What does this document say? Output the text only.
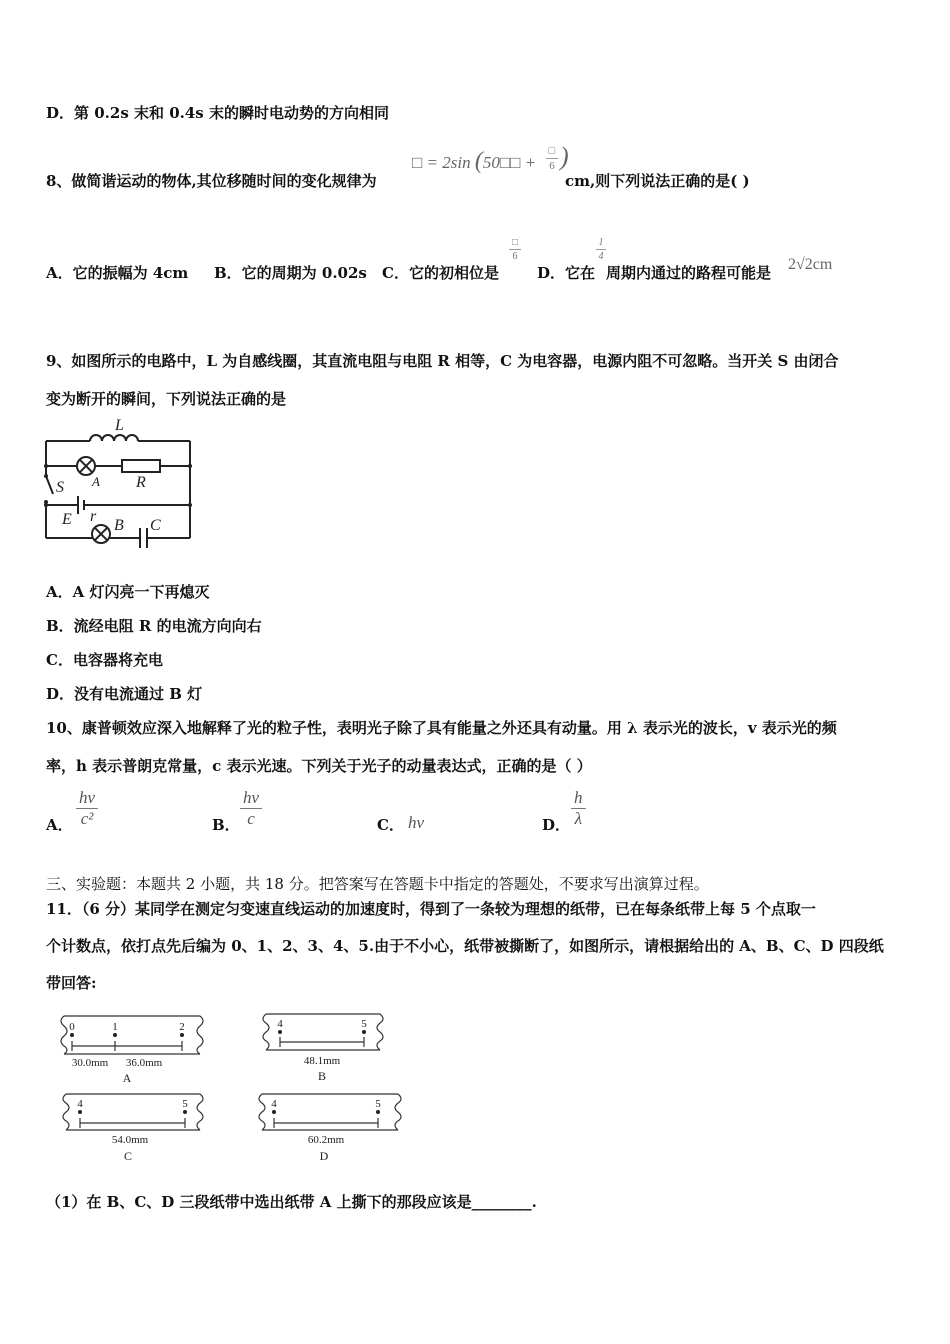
D．第 0.2s 末和 0.4s 末的瞬时电动势的方向相同
8、做简谐运动的物体,其位移随时间的变化规律为
□ = 2sin (50□□ +
□
6 )
cm,则下列说法正确的是( )
A．它的振幅为 4cm B．它的周期为 0.02s C．它的初相位是
□
6
D．它在
1
4
周期内通过的路程可能是 2√2cm
9、如图所示的电路中，L 为自感线圈，其直流电阻与电阻 R 相等，C 为电容器，电源内阻不可忽略。当开关 S 由闭合
变为断开的瞬间，下列说法正确的是
L
A R
S
E r
B C
A．A 灯闪亮一下再熄灭
B．流经电阻 R 的电流方向向右
C．电容器将充电
D．没有电流通过 B 灯
10、康普顿效应深入地解释了光的粒子性，表明光子除了具有能量之外还具有动量。用 λ 表示光的波长，v 表示光的频
率，h 表示普朗克常量，c 表示光速。下列关于光子的动量表达式，正确的是（ ）
A．
hv
c²	B．
hv
c	C． hv	D．
h
λ
三、实验题：本题共 2 小题，共 18 分。把答案写在答题卡中指定的答题处，不要求写出演算过程。
11．（6 分）某同学在测定匀变速直线运动的加速度时，得到了一条较为理想的纸带，已在每条纸带上每 5 个点取一
个计数点，依打点先后编为 0、1、2、3、4、5.由于不小心，纸带被撕断了，如图所示，请根据给出的 A、B、C、D 四段纸
带回答:
0	1	2
30.0mm 36.0mm
A
4	5
48.1mm
B
4	5
54.0mm
C
4	5
60.2mm
D
（1）在 B、C、D 三段纸带中选出纸带 A 上撕下的那段应该是________.
